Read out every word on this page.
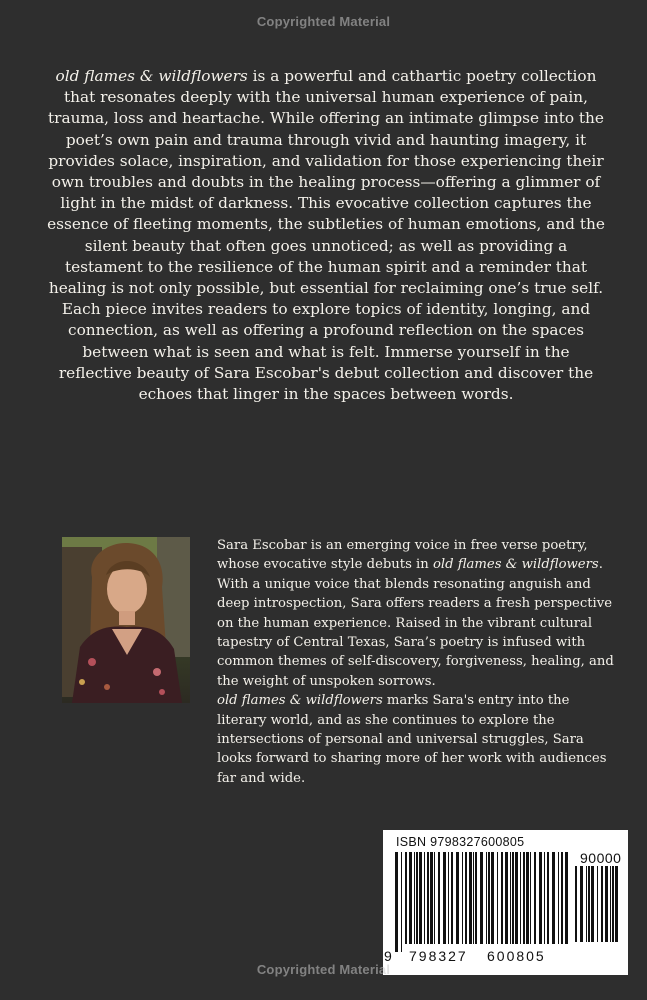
Copyrighted Material

old flames & wildflowers is a powerful and cathartic poetry collection that resonates deeply with the universal human experience of pain, trauma, loss and heartache. While offering an intimate glimpse into the poet’s own pain and trauma through vivid and haunting imagery, it provides solace, inspiration, and validation for those experiencing their own troubles and doubts in the healing process—offering a glimmer of light in the midst of darkness. This evocative collection captures the essence of fleeting moments, the subtleties of human emotions, and the silent beauty that often goes unnoticed; as well as providing a testament to the resilience of the human spirit and a reminder that healing is not only possible, but essential for reclaiming one’s true self. Each piece invites readers to explore topics of identity, longing, and connection, as well as offering a profound reflection on the spaces between what is seen and what is felt. Immerse yourself in the reflective beauty of Sara Escobar's debut collection and discover the echoes that linger in the spaces between words.

Sara Escobar is an emerging voice in free verse poetry, whose evocative style debuts in old flames & wildflowers. With a unique voice that blends resonating anguish and deep introspection, Sara offers readers a fresh perspective on the human experience. Raised in the vibrant cultural tapestry of Central Texas, Sara’s poetry is infused with common themes of self-discovery, forgiveness, healing, and the weight of unspoken sorrows.
old flames & wildflowers marks Sara's entry into the literary world, and as she continues to explore the intersections of personal and universal struggles, Sara looks forward to sharing more of her work with audiences far and wide.
ISBN 9798327600805
90000
9 798327 600805
Copyrighted Material
